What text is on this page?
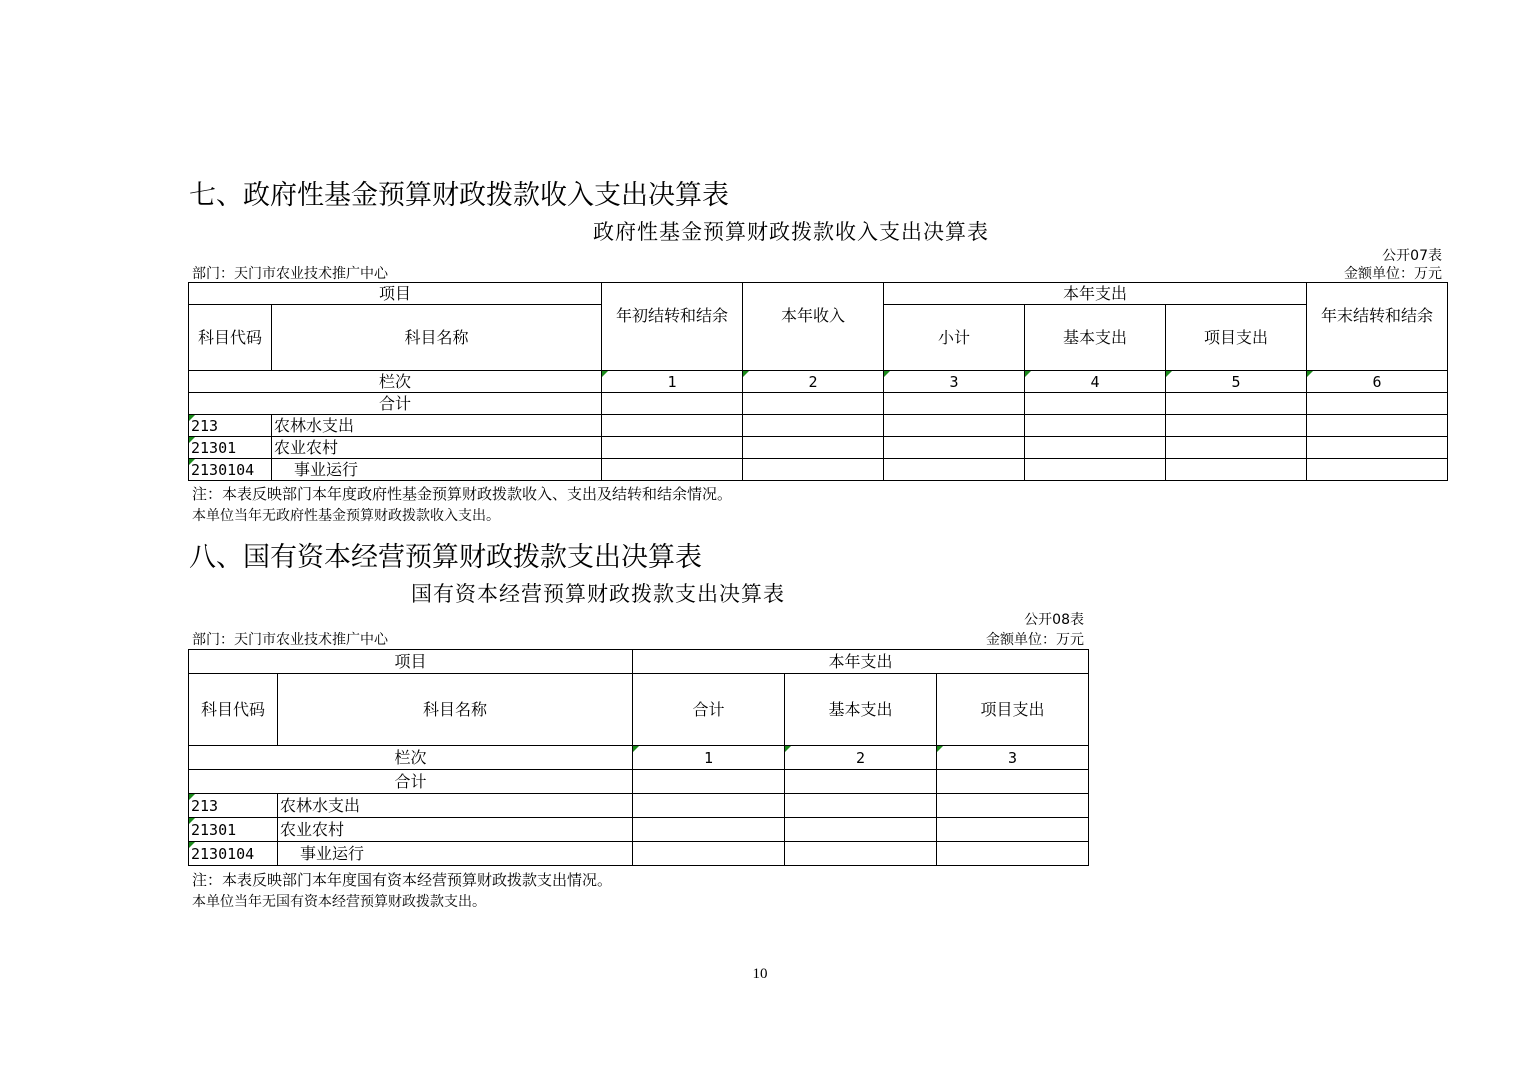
七、政府性基金预算财政拨款收入支出决算表
政府性基金预算财政拨款收入支出决算表
公开07表
部门：天门市农业技术推广中心	金额单位：万元
项目		年初结转和结余	本年收入	本年支出			年末结转和结余
科目代码	科目名称			小计	基本支出	项目支出	
栏次		1	2	3	4	5	6
合计							
213	农林水支出						
21301	农业农村						
2130104	事业运行						
注：本表反映部门本年度政府性基金预算财政拨款收入、支出及结转和结余情况。
本单位当年无政府性基金预算财政拨款收入支出。
八、国有资本经营预算财政拨款支出决算表
国有资本经营预算财政拨款支出决算表
公开08表
部门：天门市农业技术推广中心	金额单位：万元
项目		本年支出		
科目代码	科目名称	合计	基本支出	项目支出
栏次		1	2	3
合计				
213	农林水支出			
21301	农业农村			
2130104	事业运行			
注：本表反映部门本年度国有资本经营预算财政拨款支出情况。
本单位当年无国有资本经营预算财政拨款支出。
10
